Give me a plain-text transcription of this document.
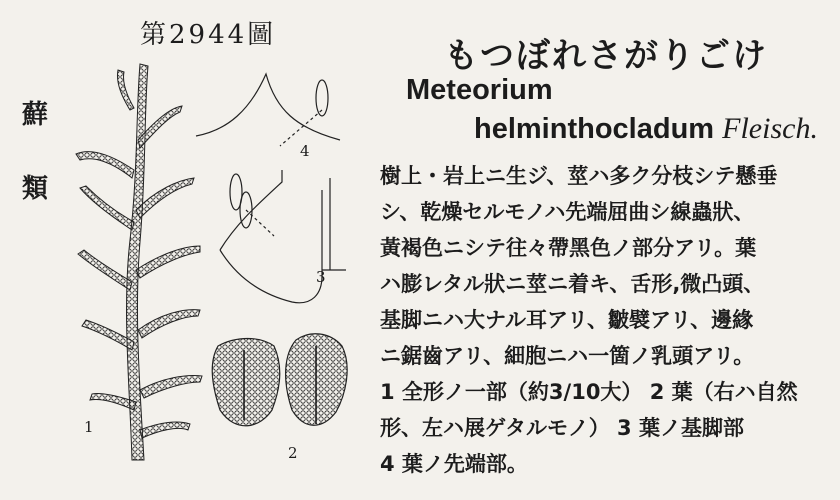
第2944圖
蘚
類
1
2
3
4
もつぼれさがりごけ
Meteorium
helminthocladum Fleisch.
樹上・岩上ニ生ジ、莖ハ多ク分枝シテ懸垂
シ、乾燥セルモノハ先端屈曲シ線蟲狀、
黃褐色ニシテ往々帶黑色ノ部分アリ。葉
ハ膨レタル狀ニ莖ニ着キ、舌形,微凸頭、
基脚ニハ大ナル耳アリ、皺襞アリ、邊緣
ニ鋸齒アリ、細胞ニハ一箇ノ乳頭アリ。
1 全形ノ一部（約3/10大） 2 葉（右ハ自然
形、左ハ展ゲタルモノ） 3 葉ノ基脚部
4 葉ノ先端部。
